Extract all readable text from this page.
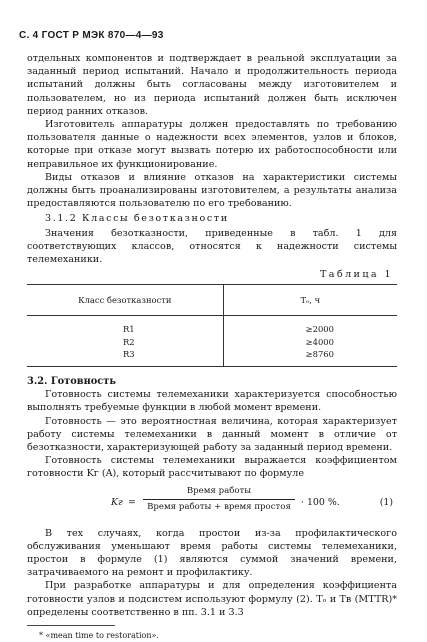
С. 4 ГОСТ Р МЭК 870—4—93

отдельных компонентов и подтверждает в реальной эксплуатации за заданный период испытаний. Начало и продолжительность периода испытаний должны быть согласованы между изготовителем и пользователем, но из периода испытаний должен быть исключен период ранних отказов.

Изготовитель аппаратуры должен предоставлять по требованию пользователя данные о надежности всех элементов, узлов и блоков, которые при отказе могут вызвать потерю их работоспособности или неправильное их функционирование.

Виды отказов и влияние отказов на характеристики системы должны быть проанализированы изготовителем, а результаты анализа предоставляются пользователю по его требованию.

3.1.2 Классы безотказности

Значения безотказности, приведенные в табл. 1 для соответствующих классов, относятся к надежности системы телемеханики.

Таблица 1
Класс безотказности	Tₒ, ч
R1	≥2000
R2	≥4000
R3	≥8760

3.2. Готовность

Готовность системы телемеханики характеризуется способностью выполнять требуемые функции в любой момент времени.

Готовность — это вероятностная величина, которая характеризует работу системы телемеханики в данный момент в отличие от безотказности, характеризующей работу за заданный период времени.

Готовность системы телемеханики выражается коэффициентом готовности Kг (A), который рассчитывают по формуле

Kг =
Время работы
Время работы + время простоя	· 100 %.	(1)

В тех случаях, когда простои из-за профилактического обслуживания уменьшают время работы системы телемеханики, простои в формуле (1) являются суммой значений времени, затрачиваемого на ремонт и профилактику.

При разработке аппаратуры и для определения коэффициента готовности узлов и подсистем используют формулу (2). Tₒ и Tв (MTTR)* определены соответственно в пп. 3.1 и 3.3

* «mean time to restoration».
